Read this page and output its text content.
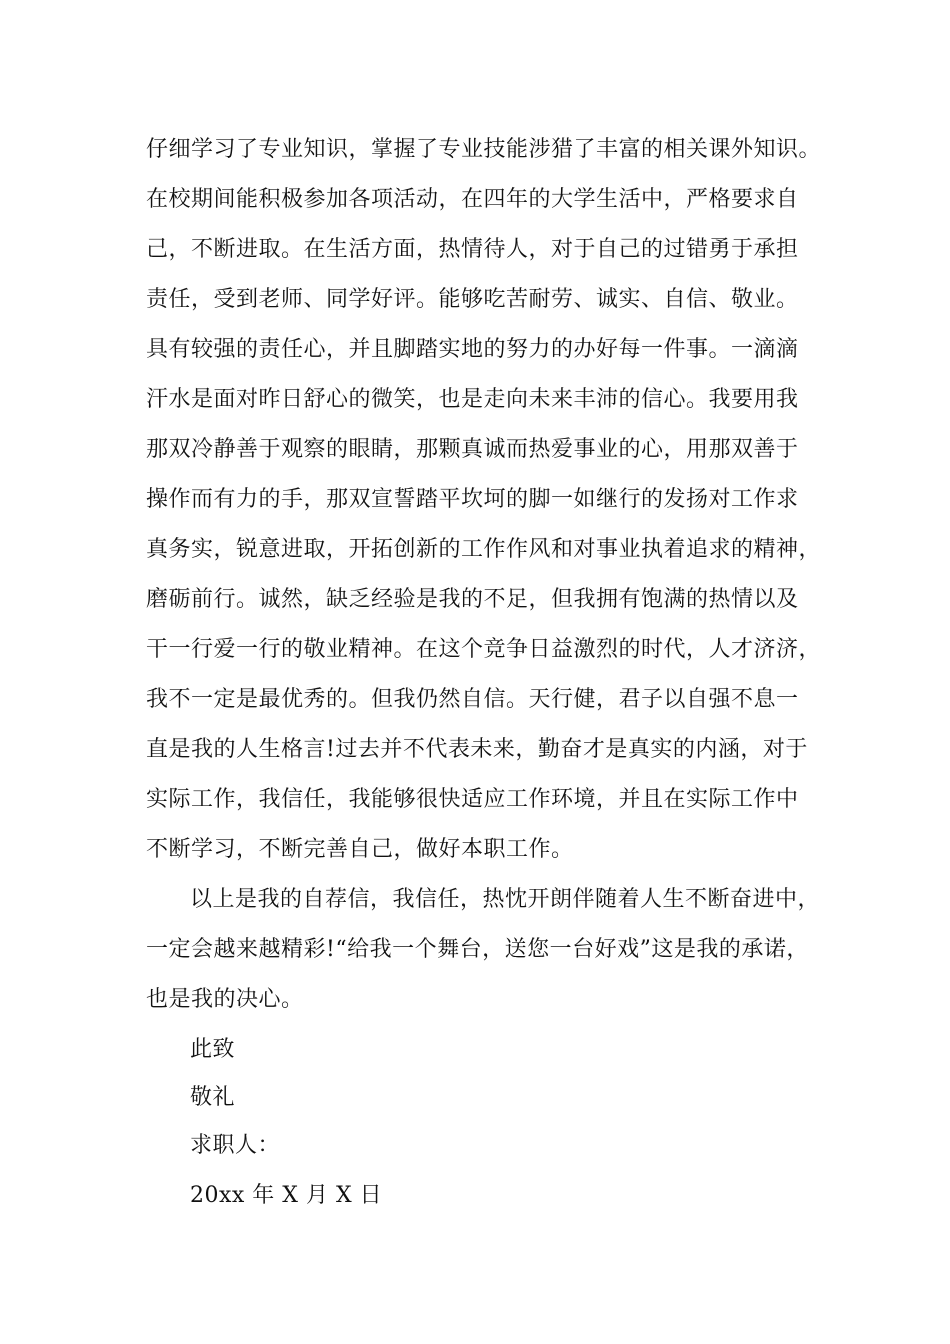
仔细学习了专业知识，掌握了专业技能涉猎了丰富的相关课外知识。
在校期间能积极参加各项活动，在四年的大学生活中，严格要求自
己，不断进取。在生活方面，热情待人，对于自己的过错勇于承担
责任，受到老师、同学好评。能够吃苦耐劳、诚实、自信、敬业。
具有较强的责任心，并且脚踏实地的努力的办好每一件事。一滴滴
汗水是面对昨日舒心的微笑，也是走向未来丰沛的信心。我要用我
那双冷静善于观察的眼睛，那颗真诚而热爱事业的心，用那双善于
操作而有力的手，那双宣誓踏平坎坷的脚一如继行的发扬对工作求
真务实，锐意进取，开拓创新的工作作风和对事业执着追求的精神，
磨砺前行。诚然，缺乏经验是我的不足，但我拥有饱满的热情以及
干一行爱一行的敬业精神。在这个竞争日益激烈的时代，人才济济，
我不一定是最优秀的。但我仍然自信。天行健，君子以自强不息一
直是我的人生格言!过去并不代表未来，勤奋才是真实的内涵，对于
实际工作，我信任，我能够很快适应工作环境，并且在实际工作中
不断学习，不断完善自己，做好本职工作。
以上是我的自荐信，我信任，热忱开朗伴随着人生不断奋进中，
一定会越来越精彩!“给我一个舞台，送您一台好戏”这是我的承诺，
也是我的决心。
此致
敬礼
求职人：
20xx 年 X 月 X 日
